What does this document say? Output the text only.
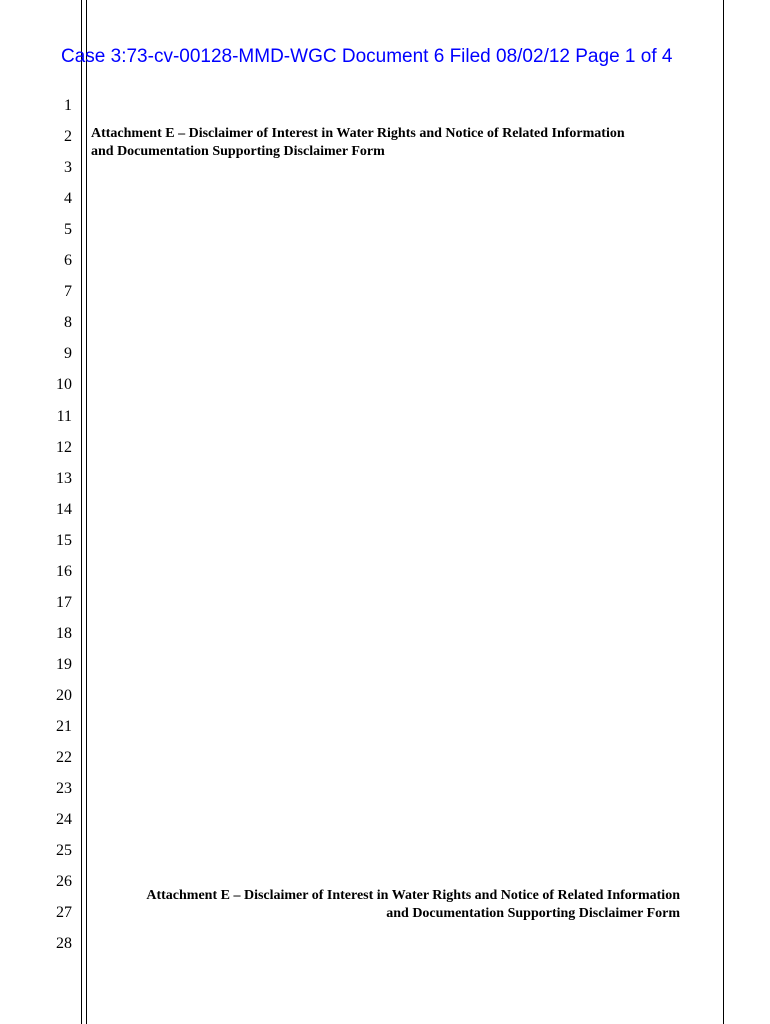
Case 3:73-cv-00128-MMD-WGC Document 6 Filed 08/02/12 Page 1 of 4
1
2
3
4
5
6
7
8
9
10
11
12
13
14
15
16
17
18
19
20
21
22
23
24
25
26
27
28
Attachment E – Disclaimer of Interest in Water Rights and Notice of Related Information
and Documentation Supporting Disclaimer Form
Attachment E – Disclaimer of Interest in Water Rights and Notice of Related Information
and Documentation Supporting Disclaimer Form
